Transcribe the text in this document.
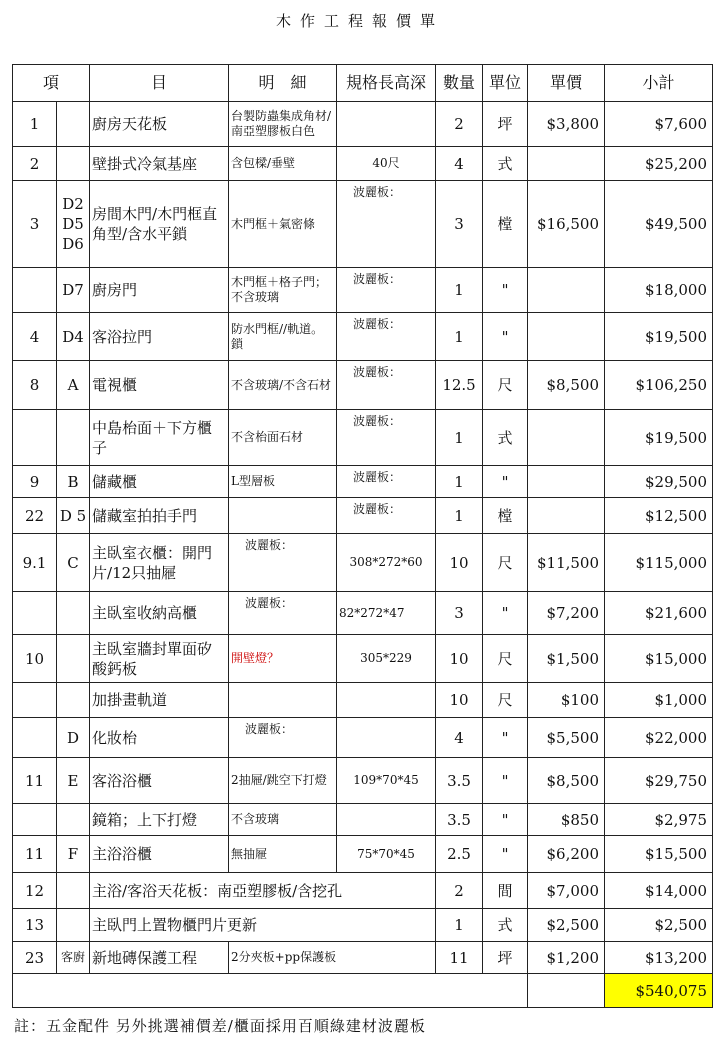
木作工程報價單
項		目	明　細	規格長高深	數量	單位	單價	小計
1		廚房天花板	台製防蟲集成角材/南亞塑膠板白色		2	坪	$3,800	$7,600
2		壁掛式冷氣基座	含包樑/垂壁	40尺	4	式		$25,200
3	D2 D5 D6	房間木門/木門框直角型/含水平鎖	木門框＋氣密條	波麗板：	3	樘	$16,500	$49,500
	D7	廚房門	木門框＋格子門；不含玻璃	波麗板：	1	"		$18,000
4	D4	客浴拉門	防水門框//軌道。鎖	波麗板：	1	"		$19,500
8	A	電視櫃	不含玻璃/不含石材	波麗板：	12.5	尺	$8,500	$106,250
		中島枱面＋下方櫃子	不含枱面石材	波麗板：	1	式		$19,500
9	B	儲藏櫃	L型層板	波麗板：	1	"		$29,500
22	D 5	儲藏室拍拍手門		波麗板：	1	樘		$12,500
9.1	C	主臥室衣櫃：開門片/12只抽屜	波麗板：	308*272*60	10	尺	$11,500	$115,000
		主臥室收納高櫃	波麗板：	82*272*47	3	"	$7,200	$21,600
10		主臥室牆封單面矽酸鈣板	開壁燈？	305*229	10	尺	$1,500	$15,000
		加掛畫軌道			10	尺	$100	$1,000
	D	化妝枱	波麗板：		4	"	$5,500	$22,000
11	E	客浴浴櫃	2抽屜/跳空下打燈	109*70*45	3.5	"	$8,500	$29,750
		鏡箱；上下打燈	不含玻璃		3.5	"	$850	$2,975
11	F	主浴浴櫃	無抽屜	75*70*45	2.5	"	$6,200	$15,500
12		主浴/客浴天花板：南亞塑膠板/含挖孔			2	間	$7,000	$14,000
13		主臥門上置物櫃門片更新			1	式	$2,500	$2,500
23	客廚	新地磚保護工程	2分夾板+pp保護板		11	坪	$1,200	$13,200
								$540,075
註：五金配件 另外挑選補價差/櫃面採用百順綠建材波麗板
